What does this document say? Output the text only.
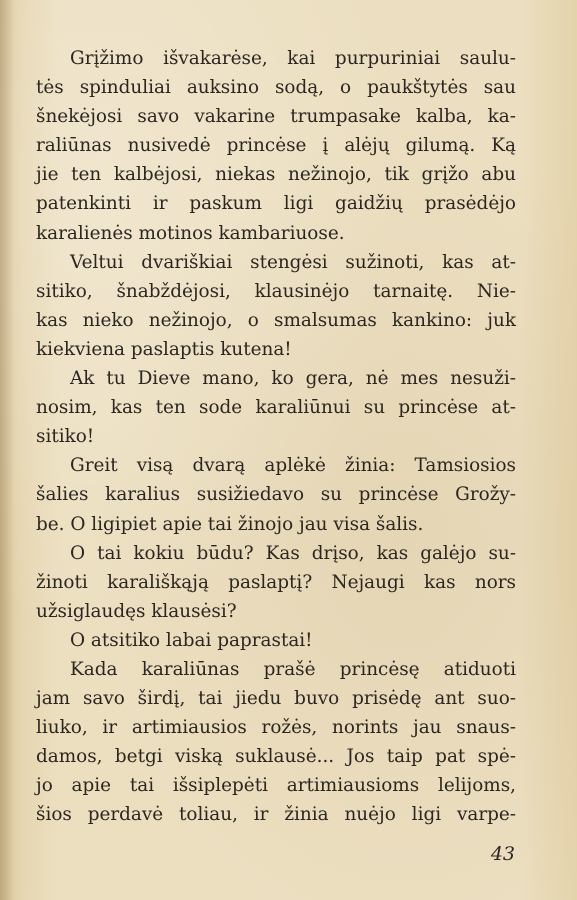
Grįžimo išvakarėse, kai purpuriniai saulu-
tės spinduliai auksino sodą, o paukštytės sau
šnekėjosi savo vakarine trumpasake kalba, ka-
raliūnas nusivedė princėse į alėjų gilumą. Ką
jie ten kalbėjosi, niekas nežinojo, tik grįžo abu
patenkinti ir paskum ligi gaidžių prasėdėjo
karalienės motinos kambariuose.
Veltui dvariškiai stengėsi sužinoti, kas at-
sitiko, šnabždėjosi, klausinėjo tarnaitę. Nie-
kas nieko nežinojo, o smalsumas kankino: juk
kiekviena paslaptis kutena!
Ak tu Dieve mano, ko gera, nė mes nesuži-
nosim, kas ten sode karaliūnui su princėse at-
sitiko!
Greit visą dvarą aplėkė žinia: Tamsiosios
šalies karalius susižiedavo su princėse Grožy-
be. O ligipiet apie tai žinojo jau visa šalis.
O tai kokiu būdu? Kas drįso, kas galėjo su-
žinoti karališkąją paslaptį? Nejaugi kas nors
užsiglaudęs klausėsi?
O atsitiko labai paprastai!
Kada karaliūnas prašė princėsę atiduoti
jam savo širdį, tai jiedu buvo prisėdę ant suo-
liuko, ir artimiausios rožės, norints jau snaus-
damos, betgi viską suklausė... Jos taip pat spė-
jo apie tai išsiplepėti artimiausioms lelijoms,
šios perdavė toliau, ir žinia nuėjo ligi varpe-
43
